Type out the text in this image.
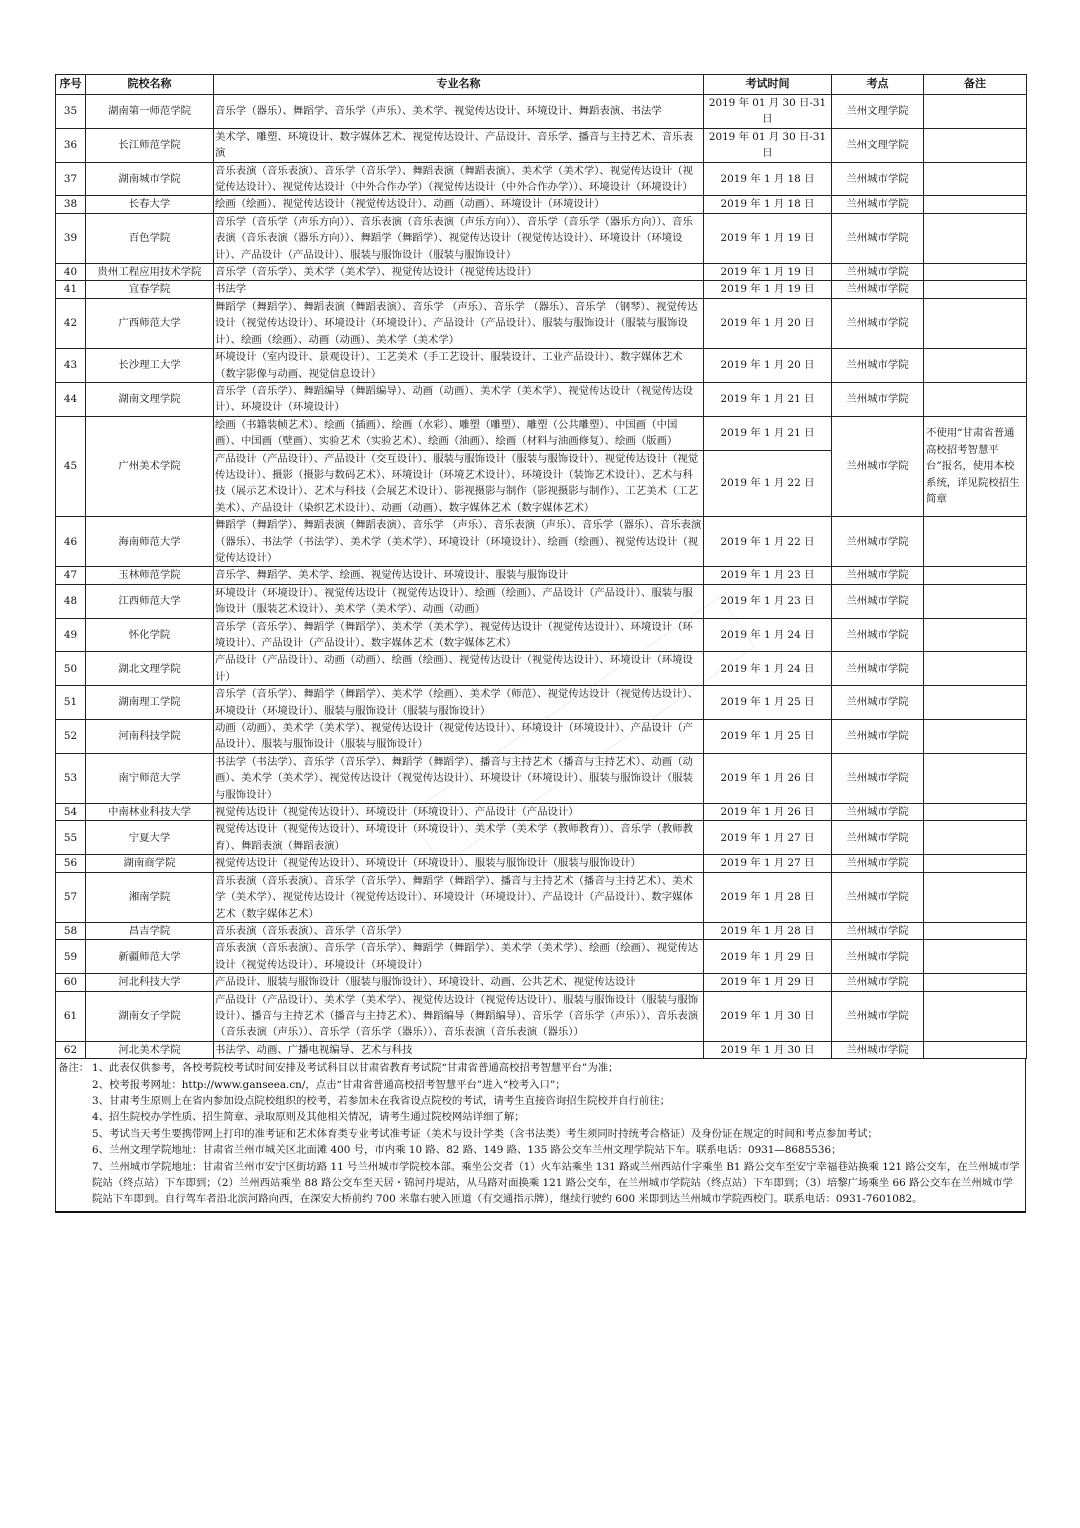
序号	院校名称	专业名称	考试时间	考点	备注
35	湖南第一师范学院	音乐学（器乐）、舞蹈学、音乐学（声乐）、美术学、视觉传达设计、环境设计、舞蹈表演、书法学	2019 年 01 月 30 日-31 日	兰州文理学院	
36	长江师范学院	美术学、雕塑、环境设计、数字媒体艺术、视觉传达设计、产品设计、音乐学、播音与主持艺术、音乐表演	2019 年 01 月 30 日-31 日	兰州文理学院	
37	湖南城市学院	音乐表演（音乐表演）、音乐学（音乐学）、舞蹈表演（舞蹈表演）、美术学（美术学）、视觉传达设计（视觉传达设计）、视觉传达设计（中外合作办学）（视觉传达设计（中外合作办学））、环境设计（环境设计）	2019 年 1 月 18 日	兰州城市学院	
38	长春大学	绘画（绘画）、视觉传达设计（视觉传达设计）、动画（动画）、环境设计（环境设计）	2019 年 1 月 18 日	兰州城市学院	
39	百色学院	音乐学（音乐学（声乐方向））、音乐表演（音乐表演（声乐方向））、音乐学（音乐学（器乐方向））、音乐表演（音乐表演（器乐方向））、舞蹈学（舞蹈学）、视觉传达设计（视觉传达设计）、环境设计（环境设计）、产品设计（产品设计）、服装与服饰设计（服装与服饰设计）	2019 年 1 月 19 日	兰州城市学院	
40	贵州工程应用技术学院	音乐学（音乐学）、美术学（美术学）、视觉传达设计（视觉传达设计）	2019 年 1 月 19 日	兰州城市学院	
41	宜春学院	书法学	2019 年 1 月 19 日	兰州城市学院	
42	广西师范大学	舞蹈学（舞蹈学）、舞蹈表演（舞蹈表演）、音乐学 （声乐）、音乐学 （器乐）、音乐学 （钢琴）、视觉传达设计（视觉传达设计）、环境设计（环境设计）、产品设计（产品设计）、服装与服饰设计（服装与服饰设计）、绘画（绘画）、动画（动画）、美术学（美术学）	2019 年 1 月 20 日	兰州城市学院	
43	长沙理工大学	环境设计（室内设计、景观设计）、工艺美术（手工艺设计、服装设计、工业产品设计）、数字媒体艺术（数字影像与动画、视觉信息设计）	2019 年 1 月 20 日	兰州城市学院	
44	湖南文理学院	音乐学（音乐学）、舞蹈编导（舞蹈编导）、动画（动画）、美术学（美术学）、视觉传达设计（视觉传达设计）、环境设计（环境设计）	2019 年 1 月 21 日	兰州城市学院	
45	广州美术学院	绘画（书籍装帧艺术）、绘画（插画）、绘画（水彩）、雕塑（雕塑）、雕塑（公共雕塑）、中国画（中国画）、中国画（壁画）、实验艺术（实验艺术）、绘画（油画）、绘画（材料与油画修复）、绘画（版画）	2019 年 1 月 21 日	兰州城市学院	不使用“甘肃省普通高校招考智慧平台”报名，使用本校系统，详见院校招生简章
		产品设计（产品设计）、产品设计（交互设计）、服装与服饰设计（服装与服饰设计）、视觉传达设计（视觉传达设计）、摄影（摄影与数码艺术）、环境设计（环境艺术设计）、环境设计（装饰艺术设计）、艺术与科技（展示艺术设计）、艺术与科技（会展艺术设计）、影视摄影与制作（影视摄影与制作）、工艺美术（工艺美术）、产品设计（染织艺术设计）、动画（动画）、数字媒体艺术（数字媒体艺术）	2019 年 1 月 22 日		
46	海南师范大学	舞蹈学（舞蹈学）、舞蹈表演（舞蹈表演）、音乐学 （声乐）、音乐表演（声乐）、音乐学（器乐）、音乐表演（器乐）、书法学（书法学）、美术学（美术学）、环境设计（环境设计）、绘画（绘画）、视觉传达设计（视觉传达设计）	2019 年 1 月 22 日	兰州城市学院	
47	玉林师范学院	音乐学、舞蹈学、美术学、绘画、视觉传达设计、环境设计、服装与服饰设计	2019 年 1 月 23 日	兰州城市学院	
48	江西师范大学	环境设计（环境设计）、视觉传达设计（视觉传达设计）、绘画（绘画）、产品设计（产品设计）、服装与服饰设计（服装艺术设计）、美术学（美术学）、动画（动画）	2019 年 1 月 23 日	兰州城市学院	
49	怀化学院	音乐学（音乐学）、舞蹈学（舞蹈学）、美术学（美术学）、视觉传达设计（视觉传达设计）、环境设计（环境设计）、产品设计（产品设计）、数字媒体艺术（数字媒体艺术）	2019 年 1 月 24 日	兰州城市学院	
50	湖北文理学院	产品设计（产品设计）、动画（动画）、绘画（绘画）、视觉传达设计（视觉传达设计）、环境设计（环境设计）	2019 年 1 月 24 日	兰州城市学院	
51	湖南理工学院	音乐学（音乐学）、舞蹈学（舞蹈学）、美术学（绘画）、美术学（师范）、视觉传达设计（视觉传达设计）、环境设计（环境设计）、服装与服饰设计（服装与服饰设计）	2019 年 1 月 25 日	兰州城市学院	
52	河南科技学院	动画（动画）、美术学（美术学）、视觉传达设计（视觉传达设计）、环境设计（环境设计）、产品设计（产品设计）、服装与服饰设计（服装与服饰设计）	2019 年 1 月 25 日	兰州城市学院	
53	南宁师范大学	书法学（书法学）、音乐学（音乐学）、舞蹈学（舞蹈学）、播音与主持艺术（播音与主持艺术）、动画（动画）、美术学（美术学）、视觉传达设计（视觉传达设计）、环境设计（环境设计）、服装与服饰设计（服装与服饰设计）	2019 年 1 月 26 日	兰州城市学院	
54	中南林业科技大学	视觉传达设计（视觉传达设计）、环境设计（环境设计）、产品设计（产品设计）	2019 年 1 月 26 日	兰州城市学院	
55	宁夏大学	视觉传达设计（视觉传达设计）、环境设计（环境设计）、美术学（美术学（教师教育））、音乐学（教师教育）、舞蹈表演（舞蹈表演）	2019 年 1 月 27 日	兰州城市学院	
56	湖南商学院	视觉传达设计（视觉传达设计）、环境设计（环境设计）、服装与服饰设计（服装与服饰设计）	2019 年 1 月 27 日	兰州城市学院	
57	湘南学院	音乐表演（音乐表演）、音乐学（音乐学）、舞蹈学（舞蹈学）、播音与主持艺术（播音与主持艺术）、美术学（美术学）、视觉传达设计（视觉传达设计）、环境设计（环境设计）、产品设计（产品设计）、数字媒体艺术（数字媒体艺术）	2019 年 1 月 28 日	兰州城市学院	
58	昌吉学院	音乐表演（音乐表演）、音乐学（音乐学）	2019 年 1 月 28 日	兰州城市学院	
59	新疆师范大学	音乐表演（音乐表演）、音乐学（音乐学）、舞蹈学（舞蹈学）、美术学（美术学）、绘画（绘画）、视觉传达设计（视觉传达设计）、环境设计（环境设计）	2019 年 1 月 29 日	兰州城市学院	
60	河北科技大学	产品设计、服装与服饰设计（服装与服饰设计）、环境设计、动画、公共艺术、视觉传达设计	2019 年 1 月 29 日	兰州城市学院	
61	湖南女子学院	产品设计（产品设计）、美术学（美术学）、视觉传达设计（视觉传达设计）、服装与服饰设计（服装与服饰设计）、播音与主持艺术（播音与主持艺术）、舞蹈编导（舞蹈编导）、音乐学（音乐学（声乐））、音乐表演（音乐表演（声乐））、音乐学（音乐学（器乐））、音乐表演（音乐表演（器乐））	2019 年 1 月 30 日	兰州城市学院	
62	河北美术学院	书法学、动画、广播电视编导、艺术与科技	2019 年 1 月 30 日	兰州城市学院	
备注： 1、此表仅供参考，各校考院校考试时间安排及考试科目以甘肃省教育考试院“甘肃省普通高校招考智慧平台”为准；
2、校考报考网址：http://www.ganseea.cn/，点击“甘肃省普通高校招考智慧平台”进入“校考入口”；
3、甘肃考生原则上在省内参加设点院校组织的校考，若参加未在我省设点院校的考试，请考生直接咨询招生院校并自行前往；
4、招生院校办学性质、招生简章、录取原则及其他相关情况，请考生通过院校网站详细了解；
5、考试当天考生要携带网上打印的准考证和艺术体育类专业考试准考证（美术与设计学类（含书法类）考生须同时持统考合格证）及身份证在规定的时间和考点参加考试；
6、兰州文理学院地址：甘肃省兰州市城关区北面滩 400 号，市内乘 10 路、82 路、149 路、135 路公交车兰州文理学院站下车。联系电话：0931—8685536；
7、兰州城市学院地址：甘肃省兰州市安宁区街坊路 11 号兰州城市学院校本部。乘坐公交者（1）火车站乘坐 131 路或兰州西站什字乘坐 B1 路公交车至安宁幸福巷站换乘 121 路公交车，在兰州城市学院站（终点站）下车即到；（2）兰州西站乘坐 88 路公交车至天居・锦河丹堤站，从马路对面换乘 121 路公交车，在兰州城市学院站（终点站）下车即到；（3）培黎广场乘坐 66 路公交车在兰州城市学院站下车即到。自行驾车者沿北滨河路向西，在深安大桥前约 700 米靠右驶入匝道（有交通指示牌），继续行驶约 600 米即到达兰州城市学院西校门。联系电话：0931-7601082。
